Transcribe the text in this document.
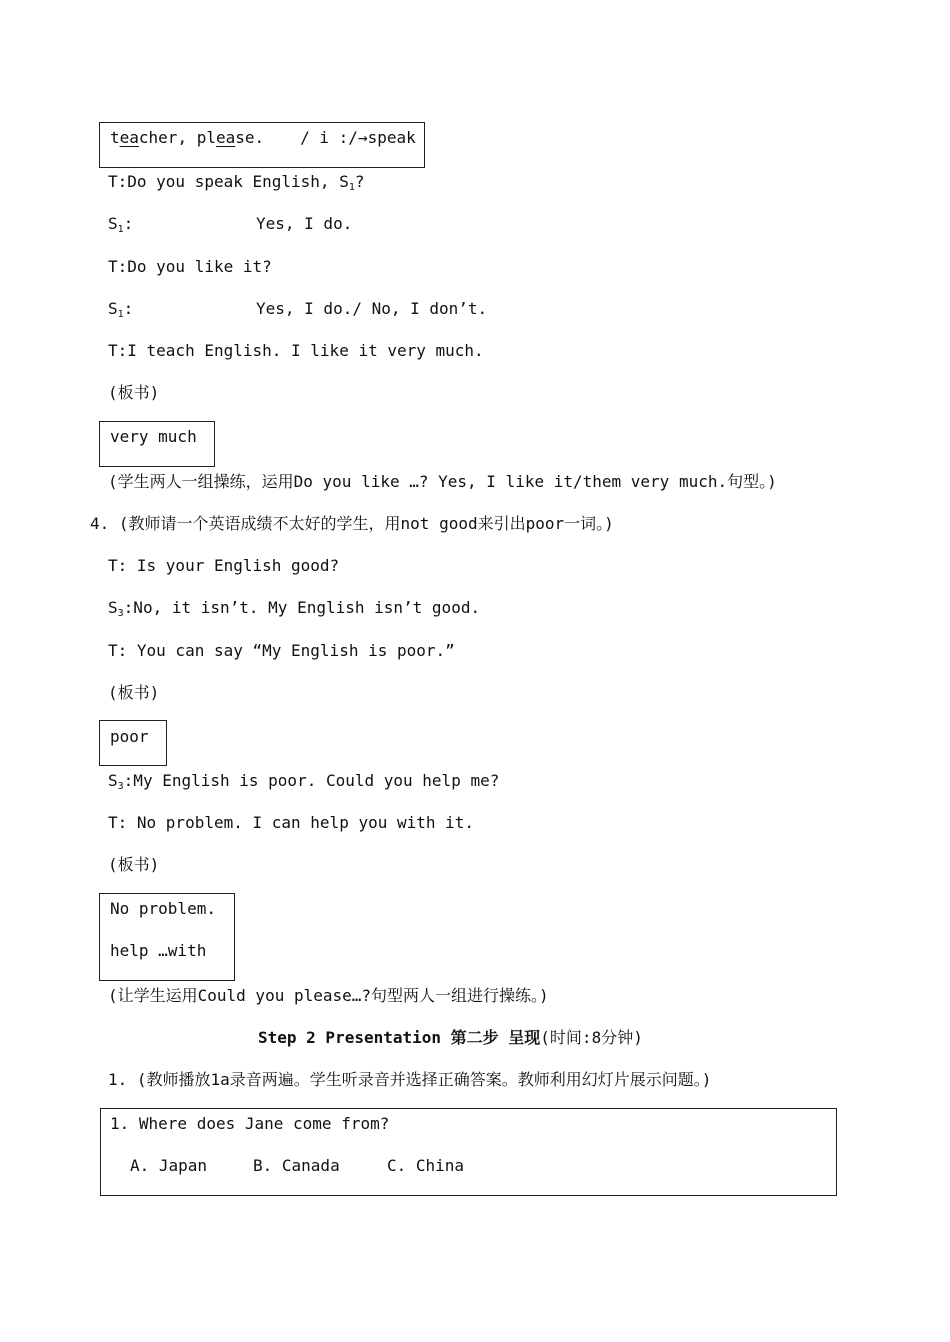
teacher, please. / i :/→speak
T:Do you speak English, $S_1$?
$S_1$:	Yes, I do.
T:Do you like it?
$S_1$:	Yes, I do./ No, I don’t.
T:I teach English. I like it very much.
(板书)
very much
(学生两人一组操练，运用Do you like …? Yes, I like it/them very much.句型。)
4. (教师请一个英语成绩不太好的学生，用not good来引出poor一词。)
T: Is your English good?
$S_3:No$, it isn’t. My English isn’t good.
T: You can say “My English is poor.”
(板书)
poor
$S_3:My$ English is poor. Could you help me?
T: No problem. I can help you with it.
(板书)
No problem.
help …with
(让学生运用Could you please…?句型两人一组进行操练。)
Step 2 Presentation 第二步 呈现(时间:8分钟)
1. (教师播放1a录音两遍。学生听录音并选择正确答案。教师利用幻灯片展示问题。)
1. Where does Jane come from?
A. Japan	B. Canada	C. China
